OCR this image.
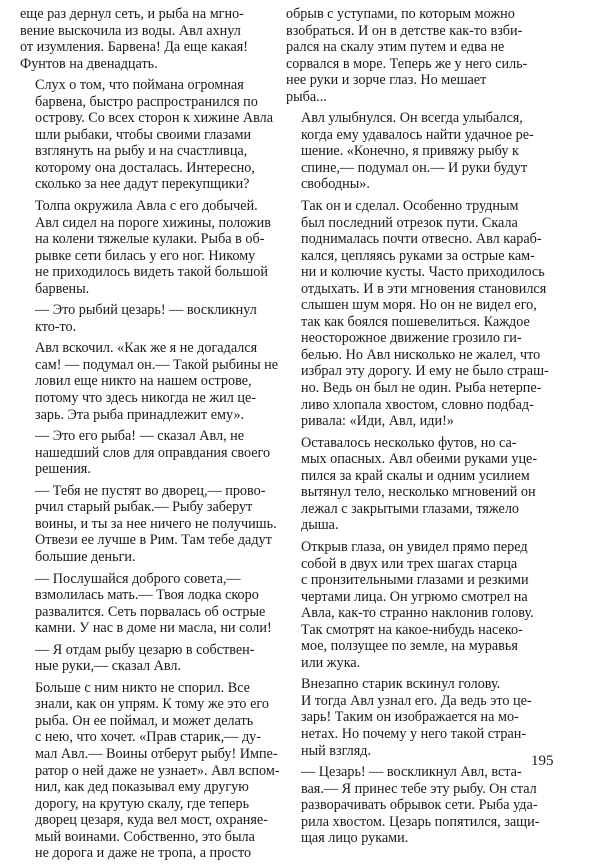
еще раз дернул сеть, и рыба на мгно-
вение выскочила из воды. Авл ахнул
от изумления. Барвена! Да еще какая!
Фунтов на двенадцать.

Слух о том, что поймана огромная
барвена, быстро распространился по
острову. Со всех сторон к хижине Авла
шли рыбаки, чтобы своими глазами
взглянуть на рыбу и на счастливца,
которому она досталась. Интересно,
сколько за нее дадут перекупщики?

Толпа окружила Авла с его добычей.
Авл сидел на пороге хижины, положив
на колени тяжелые кулаки. Рыба в об-
рывке сети билась у его ног. Никому
не приходилось видеть такой большой
барвены.

— Это рыбий цезарь! — воскликнул
кто-то.

Авл вскочил. «Как же я не догадался
сам! — подумал он.— Такой рыбины не
ловил еще никто на нашем острове,
потому что здесь никогда не жил це-
зарь. Эта рыба принадлежит ему».

— Это его рыба! — сказал Авл, не
нашедший слов для оправдания своего
решения.

— Тебя не пустят во дворец,— прово-
рчил старый рыбак.— Рыбу заберут
воины, и ты за нее ничего не получишь.
Отвези ее лучше в Рим. Там тебе дадут
большие деньги.

— Послушайся доброго совета,—
взмолилась мать.— Твоя лодка скоро
развалится. Сеть порвалась об острые
камни. У нас в доме ни масла, ни соли!

— Я отдам рыбу цезарю в собствен-
ные руки,— сказал Авл.

Больше с ним никто не спорил. Все
знали, как он упрям. К тому же это его
рыба. Он ее поймал, и может делать
с нею, что хочет. «Прав старик,— ду-
мал Авл.— Воины отберут рыбу! Импе-
ратор о ней даже не узнает». Авл вспом-
нил, как дед показывал ему другую
дорогу, на крутую скалу, где теперь
дворец цезаря, куда вел мост, охраняе-
мый воинами. Собственно, это была
не дорога и даже не тропа, а просто

обрыв с уступами, по которым можно
взобраться. И он в детстве как-то взби-
рался на скалу этим путем и едва не
сорвался в море. Теперь же у него силь-
нее руки и зорче глаз. Но мешает
рыба...

Авл улыбнулся. Он всегда улыбался,
когда ему удавалось найти удачное ре-
шение. «Конечно, я привяжу рыбу к
спине,— подумал он.— И руки будут
свободны».

Так он и сделал. Особенно трудным
был последний отрезок пути. Скала
поднималась почти отвесно. Авл караб-
кался, цепляясь руками за острые кам-
ни и колючие кусты. Часто приходилось
отдыхать. И в эти мгновения становился
слышен шум моря. Но он не видел его,
так как боялся пошевелиться. Каждое
неосторожное движение грозило ги-
белью. Но Авл нисколько не жалел, что
избрал эту дорогу. И ему не было страш-
но. Ведь он был не один. Рыба нетерпе-
ливо хлопала хвостом, словно подбад-
ривала: «Иди, Авл, иди!»

Оставалось несколько футов, но са-
мых опасных. Авл обеими руками уце-
пился за край скалы и одним усилием
вытянул тело, несколько мгновений он
лежал с закрытыми глазами, тяжело
дыша.

Открыв глаза, он увидел прямо перед
собой в двух или трех шагах старца
с пронзительными глазами и резкими
чертами лица. Он угрюмо смотрел на
Авла, как-то странно наклонив голову.
Так смотрят на какое-нибудь насеко-
мое, ползущее по земле, на муравья
или жука.

Внезапно старик вскинул голову.
И тогда Авл узнал его. Да ведь это це-
зарь! Таким он изображается на мо-
нетах. Но почему у него такой стран-
ный взгляд.

— Цезарь! — воскликнул Авл, вста-
вая.— Я принес тебе эту рыбу. Он стал
разворачивать обрывок сети. Рыба уда-
рила хвостом. Цезарь попятился, защи-
щая лицо руками.

195
